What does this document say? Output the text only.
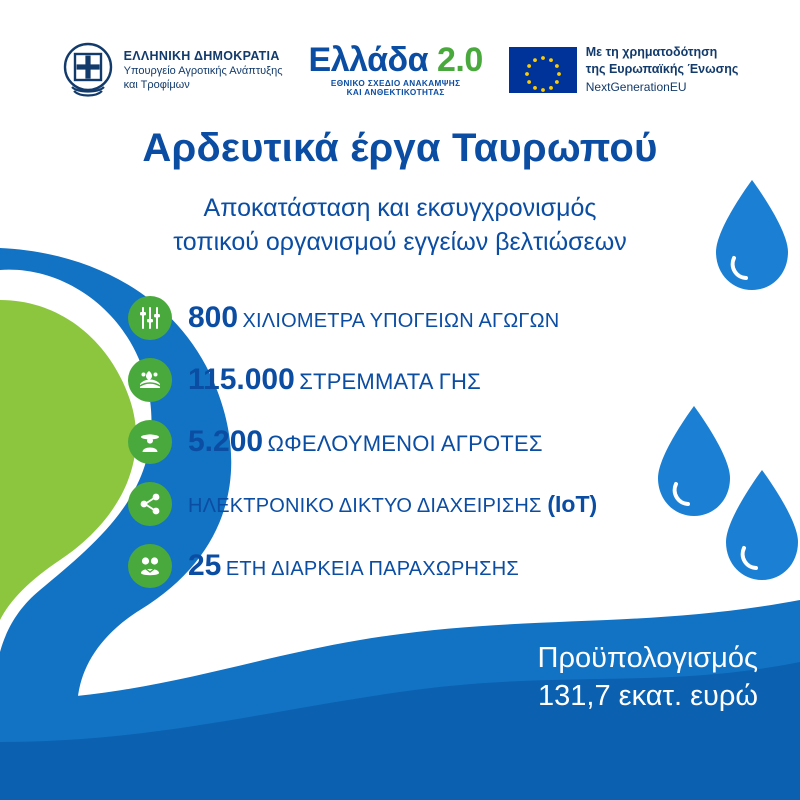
ΕΛΛΗΝΙΚΗ ΔΗΜΟΚΡΑΤΙΑ
Υπουργείο Αγροτικής Ανάπτυξης
και Τροφίμων
Ελλάδα 2.0
ΕΘΝΙΚΟ ΣΧΕΔΙΟ ΑΝΑΚΑΜΨΗΣ
ΚΑΙ ΑΝΘΕΚΤΙΚΟΤΗΤΑΣ
Με τη χρηματοδότηση
της Ευρωπαϊκής Ένωσης
NextGenerationEU
Αρδευτικά έργα Ταυρωπού
Αποκατάσταση και εκσυγχρονισμός
τοπικού οργανισμού εγγείων βελτιώσεων
800 ΧΙΛΙΟΜΕΤΡΑ ΥΠΟΓΕΙΩΝ ΑΓΩΓΩΝ
115.000 ΣΤΡΕΜΜΑΤΑ ΓΗΣ
5.200 ΩΦΕΛΟΥΜΕΝΟΙ ΑΓΡΟΤΕΣ
ΗΛΕΚΤΡΟΝΙΚΟ ΔΙΚΤΥΟ ΔΙΑΧΕΙΡΙΣΗΣ (IoT)
25 ΕΤΗ ΔΙΑΡΚΕΙΑ ΠΑΡΑΧΩΡΗΣΗΣ
Προϋπολογισμός
131,7 εκατ. ευρώ
